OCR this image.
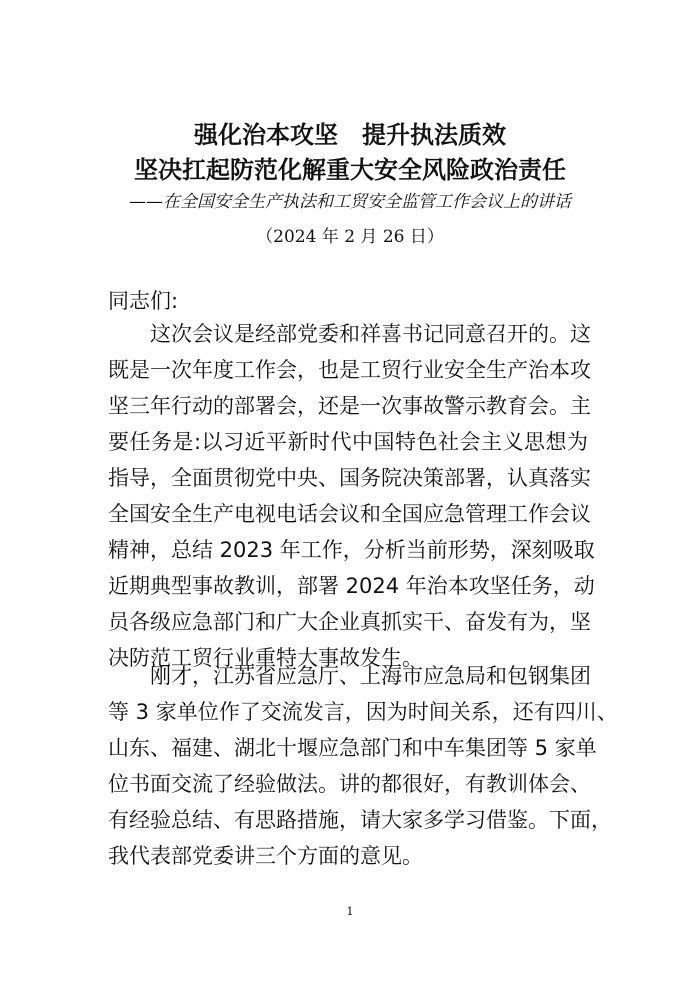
强化治本攻坚　提升执法质效
坚决扛起防范化解重大安全风险政治责任
——在全国安全生产执法和工贸安全监管工作会议上的讲话
（2024 年 2 月 26 日）
同志们:
这次会议是经部党委和祥喜书记同意召开的。这
既是一次年度工作会，也是工贸行业安全生产治本攻
坚三年行动的部署会，还是一次事故警示教育会。主
要任务是:以习近平新时代中国特色社会主义思想为
指导，全面贯彻党中央、国务院决策部署，认真落实
全国安全生产电视电话会议和全国应急管理工作会议
精神，总结 2023 年工作，分析当前形势，深刻吸取
近期典型事故教训，部署 2024 年治本攻坚任务，动
员各级应急部门和广大企业真抓实干、奋发有为，坚
决防范工贸行业重特大事故发生。
刚才，江苏省应急厅、上海市应急局和包钢集团
等 3 家单位作了交流发言，因为时间关系，还有四川、
山东、福建、湖北十堰应急部门和中车集团等 5 家单
位书面交流了经验做法。讲的都很好，有教训体会、
有经验总结、有思路措施，请大家多学习借鉴。下面，
我代表部党委讲三个方面的意见。
1
